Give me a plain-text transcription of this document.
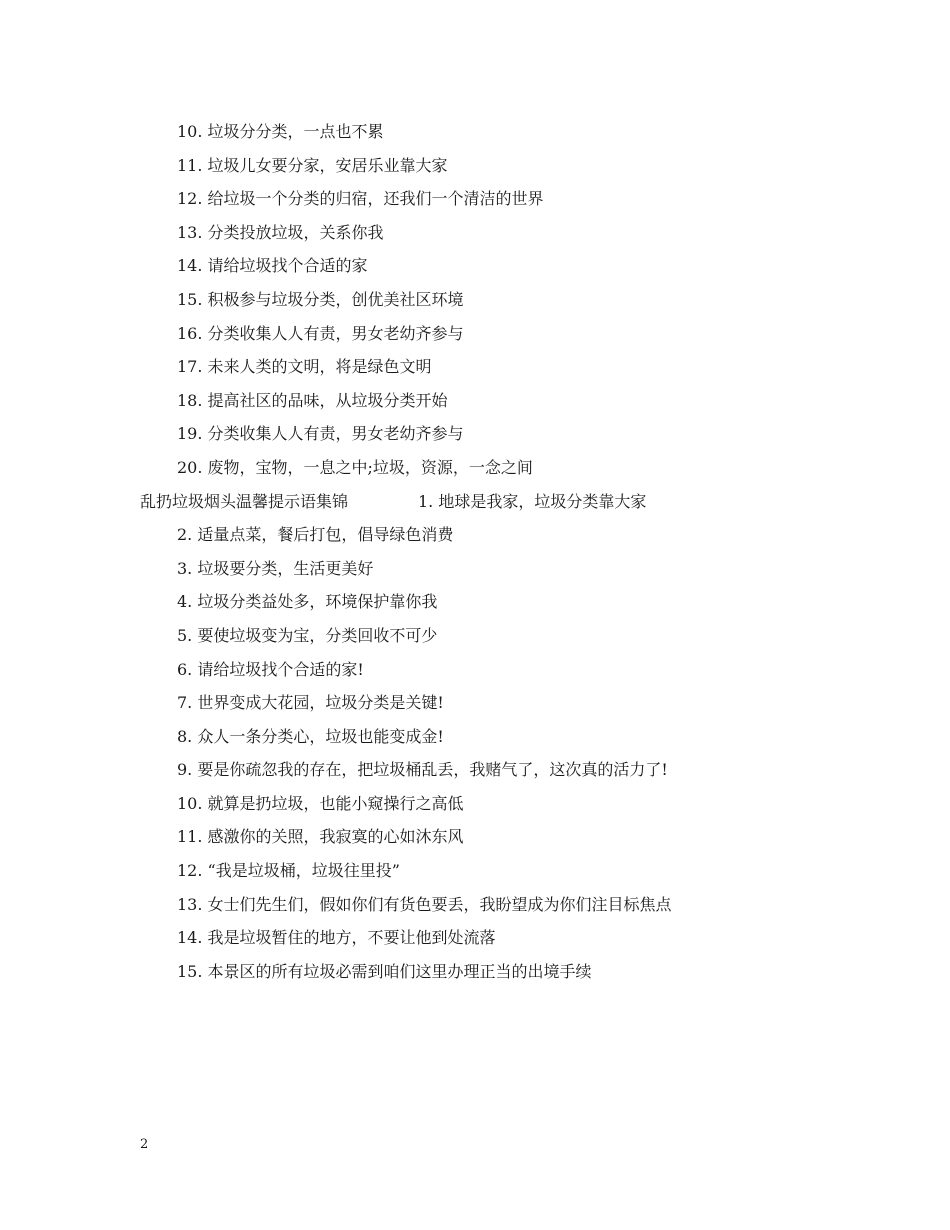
10. 垃圾分分类，一点也不累
11. 垃圾儿女要分家，安居乐业靠大家
12. 给垃圾一个分类的归宿，还我们一个清洁的世界
13. 分类投放垃圾，关系你我
14. 请给垃圾找个合适的家
15. 积极参与垃圾分类，创优美社区环境
16. 分类收集人人有责，男女老幼齐参与
17. 未来人类的文明，将是绿色文明
18. 提高社区的品味，从垃圾分类开始
19. 分类收集人人有责，男女老幼齐参与
20. 废物，宝物，一息之中;垃圾，资源，一念之间
乱扔垃圾烟头温馨提示语集锦	1. 地球是我家，垃圾分类靠大家
2. 适量点菜，餐后打包，倡导绿色消费
3. 垃圾要分类，生活更美好
4. 垃圾分类益处多，环境保护靠你我
5. 要使垃圾变为宝，分类回收不可少
6. 请给垃圾找个合适的家!
7. 世界变成大花园，垃圾分类是关键!
8. 众人一条分类心，垃圾也能变成金!
9. 要是你疏忽我的存在，把垃圾桶乱丢，我赌气了，这次真的活力了!
10. 就算是扔垃圾，也能小窥操行之高低
11. 感激你的关照，我寂寞的心如沐东风
12. “我是垃圾桶，垃圾往里投”
13. 女士们先生们，假如你们有货色要丢，我盼望成为你们注目标焦点
14. 我是垃圾暂住的地方，不要让他到处流落
15. 本景区的所有垃圾必需到咱们这里办理正当的出境手续
2
